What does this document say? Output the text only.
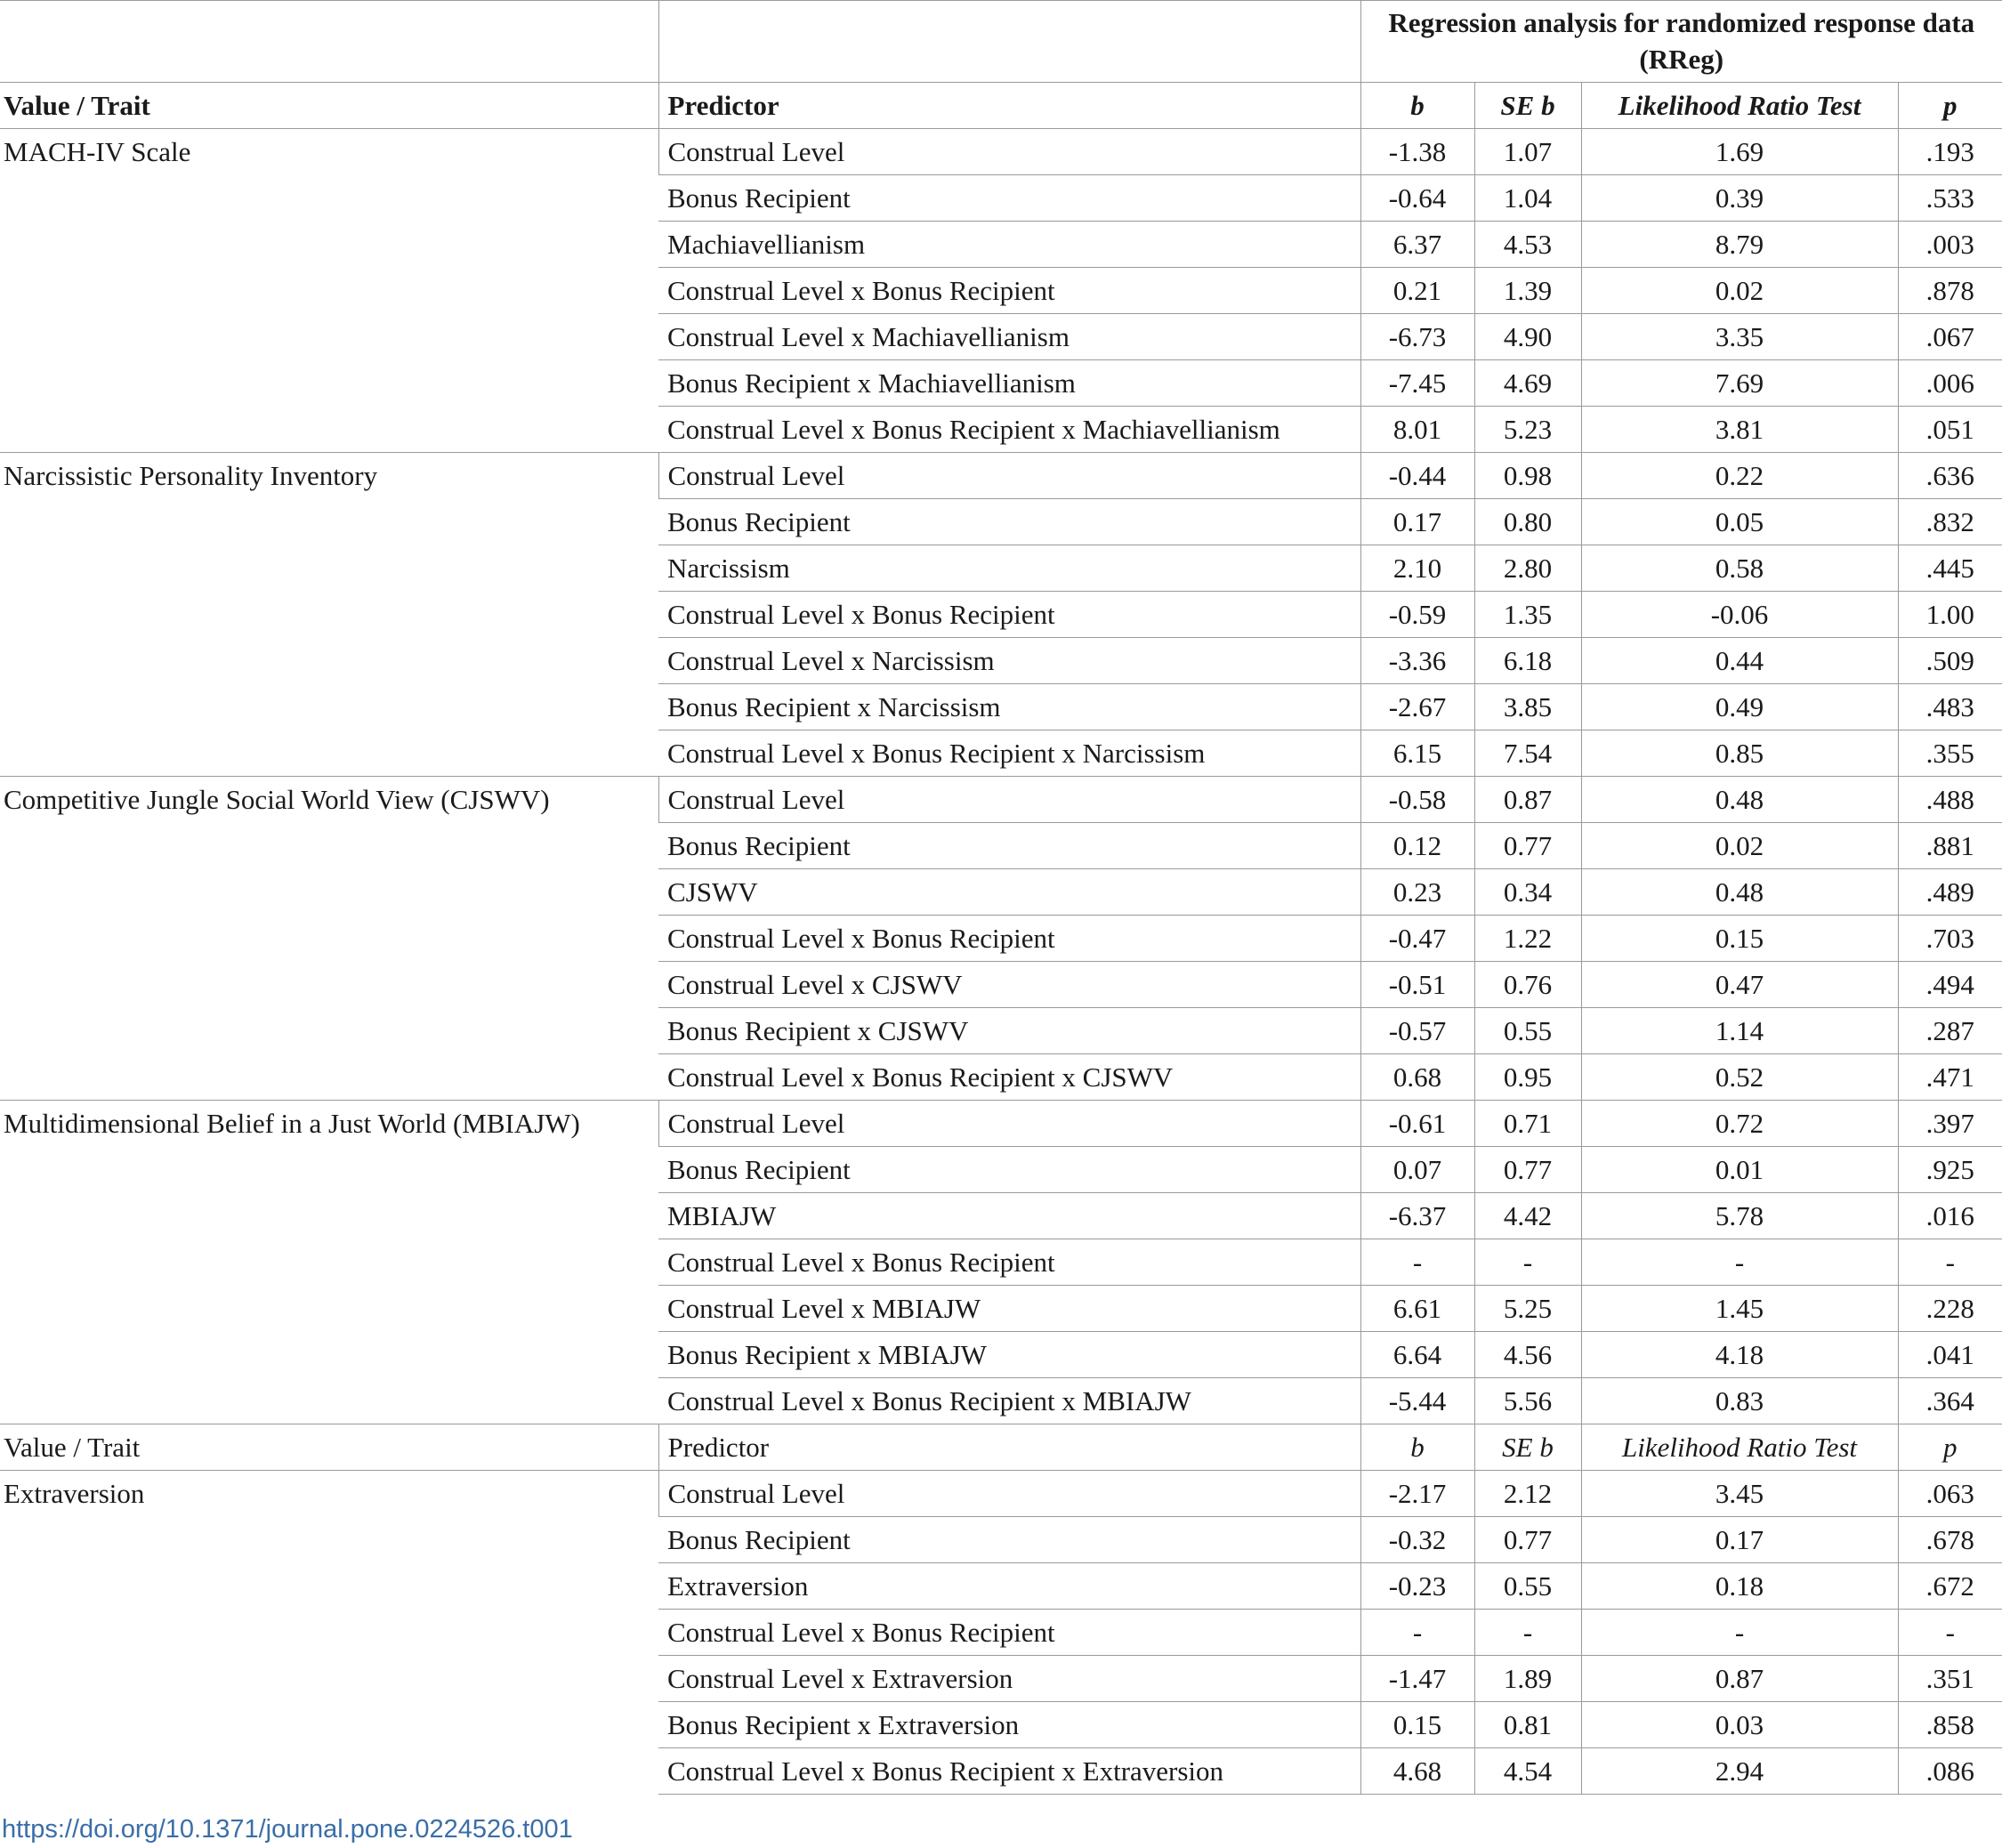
		Regression analysis for randomized response data (RReg)			
Value / Trait	Predictor	b	SE b	Likelihood Ratio Test	p
MACH-IV Scale	Construal Level	-1.38	1.07	1.69	.193
	Bonus Recipient	-0.64	1.04	0.39	.533
	Machiavellianism	6.37	4.53	8.79	.003
	Construal Level x Bonus Recipient	0.21	1.39	0.02	.878
	Construal Level x Machiavellianism	-6.73	4.90	3.35	.067
	Bonus Recipient x Machiavellianism	-7.45	4.69	7.69	.006
	Construal Level x Bonus Recipient x Machiavellianism	8.01	5.23	3.81	.051
Narcissistic Personality Inventory	Construal Level	-0.44	0.98	0.22	.636
	Bonus Recipient	0.17	0.80	0.05	.832
	Narcissism	2.10	2.80	0.58	.445
	Construal Level x Bonus Recipient	-0.59	1.35	-0.06	1.00
	Construal Level x Narcissism	-3.36	6.18	0.44	.509
	Bonus Recipient x Narcissism	-2.67	3.85	0.49	.483
	Construal Level x Bonus Recipient x Narcissism	6.15	7.54	0.85	.355
Competitive Jungle Social World View (CJSWV)	Construal Level	-0.58	0.87	0.48	.488
	Bonus Recipient	0.12	0.77	0.02	.881
	CJSWV	0.23	0.34	0.48	.489
	Construal Level x Bonus Recipient	-0.47	1.22	0.15	.703
	Construal Level x CJSWV	-0.51	0.76	0.47	.494
	Bonus Recipient x CJSWV	-0.57	0.55	1.14	.287
	Construal Level x Bonus Recipient x CJSWV	0.68	0.95	0.52	.471
Multidimensional Belief in a Just World (MBIAJW)	Construal Level	-0.61	0.71	0.72	.397
	Bonus Recipient	0.07	0.77	0.01	.925
	MBIAJW	-6.37	4.42	5.78	.016
	Construal Level x Bonus Recipient	-	-	-	-
	Construal Level x MBIAJW	6.61	5.25	1.45	.228
	Bonus Recipient x MBIAJW	6.64	4.56	4.18	.041
	Construal Level x Bonus Recipient x MBIAJW	-5.44	5.56	0.83	.364
Value / Trait	Predictor	b	SE b	Likelihood Ratio Test	p
Extraversion	Construal Level	-2.17	2.12	3.45	.063
	Bonus Recipient	-0.32	0.77	0.17	.678
	Extraversion	-0.23	0.55	0.18	.672
	Construal Level x Bonus Recipient	-	-	-	-
	Construal Level x Extraversion	-1.47	1.89	0.87	.351
	Bonus Recipient x Extraversion	0.15	0.81	0.03	.858
	Construal Level x Bonus Recipient x Extraversion	4.68	4.54	2.94	.086
https://doi.org/10.1371/journal.pone.0224526.t001
